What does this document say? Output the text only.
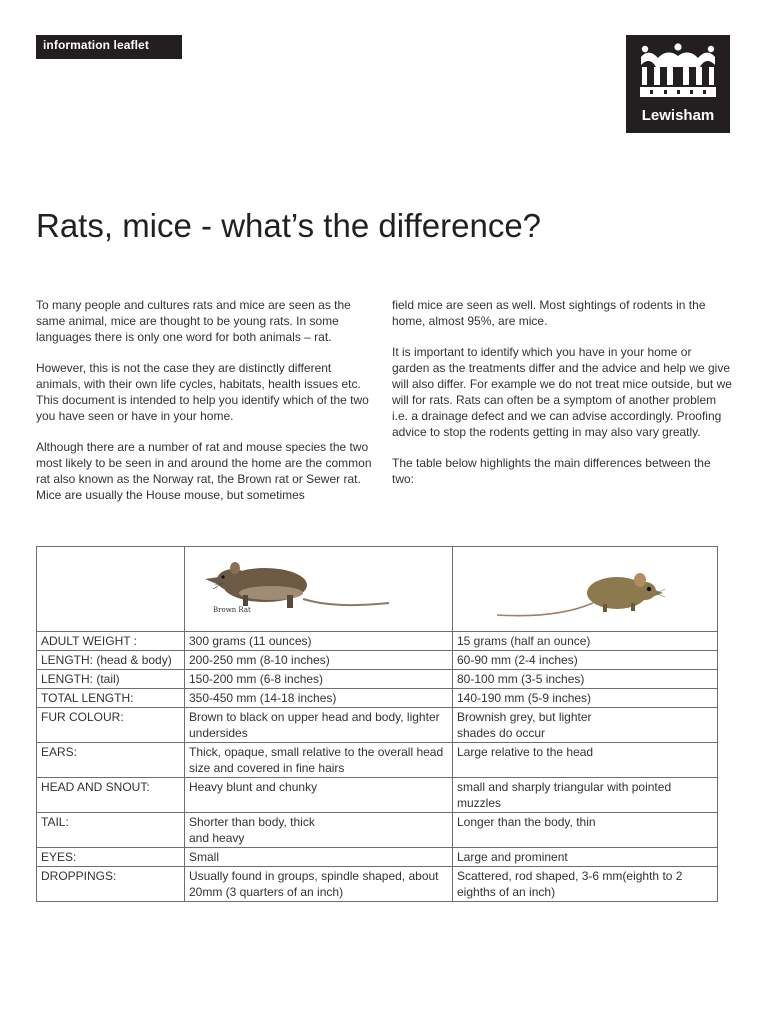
information leaflet
Lewisham
Rats, mice - what’s the difference?

To many people and cultures rats and mice are seen as the same animal, mice are thought to be young rats. In some languages there is only one word for both animals – rat.

However, this is not the case they are distinctly different animals, with their own life cycles, habitats, health issues etc. This document is intended to help you identify which of the two you have seen or have in your home.

Although there are a number of rat and mouse species the two most likely to be seen in and around the home are the common rat also known as the Norway rat, the Brown rat or Sewer rat. Mice are usually the House mouse, but sometimes

field mice are seen as well. Most sightings of rodents in the home, almost 95%, are mice.

It is important to identify which you have in your home or garden as the treatments differ and the advice and help we give will also differ. For example we do not treat mice outside, but we will for rats. Rats can often be a symptom of another problem i.e. a drainage defect and we can advise accordingly. Proofing advice to stop the rodents getting in may also vary greatly.

The table below highlights the main differences between the two:

	Brown Rat

ADULT WEIGHT :	300 grams (11 ounces)	15 grams (half an ounce)
LENGTH: (head & body)	200-250 mm (8-10 inches)	60-90 mm (2-4 inches)
LENGTH: (tail)	150-200 mm (6-8 inches)	80-100 mm (3-5 inches)
TOTAL LENGTH:	350-450 mm (14-18 inches)	140-190 mm (5-9 inches)
FUR COLOUR:	Brown to black on upper head and body, lighter undersides	Brownish grey, but lighter shades do occur
EARS:	Thick, opaque, small relative to the overall head size and covered in fine hairs	Large relative to the head
HEAD AND SNOUT:	Heavy blunt and chunky	small and sharply triangular with pointed muzzles
TAIL:	Shorter than body, thick and heavy	Longer than the body, thin
EYES:	Small	Large and prominent
DROPPINGS:	Usually found in groups, spindle shaped, about 20mm (3 quarters of an inch)	Scattered, rod shaped, 3-6 mm(eighth to 2 eighths of an inch)
